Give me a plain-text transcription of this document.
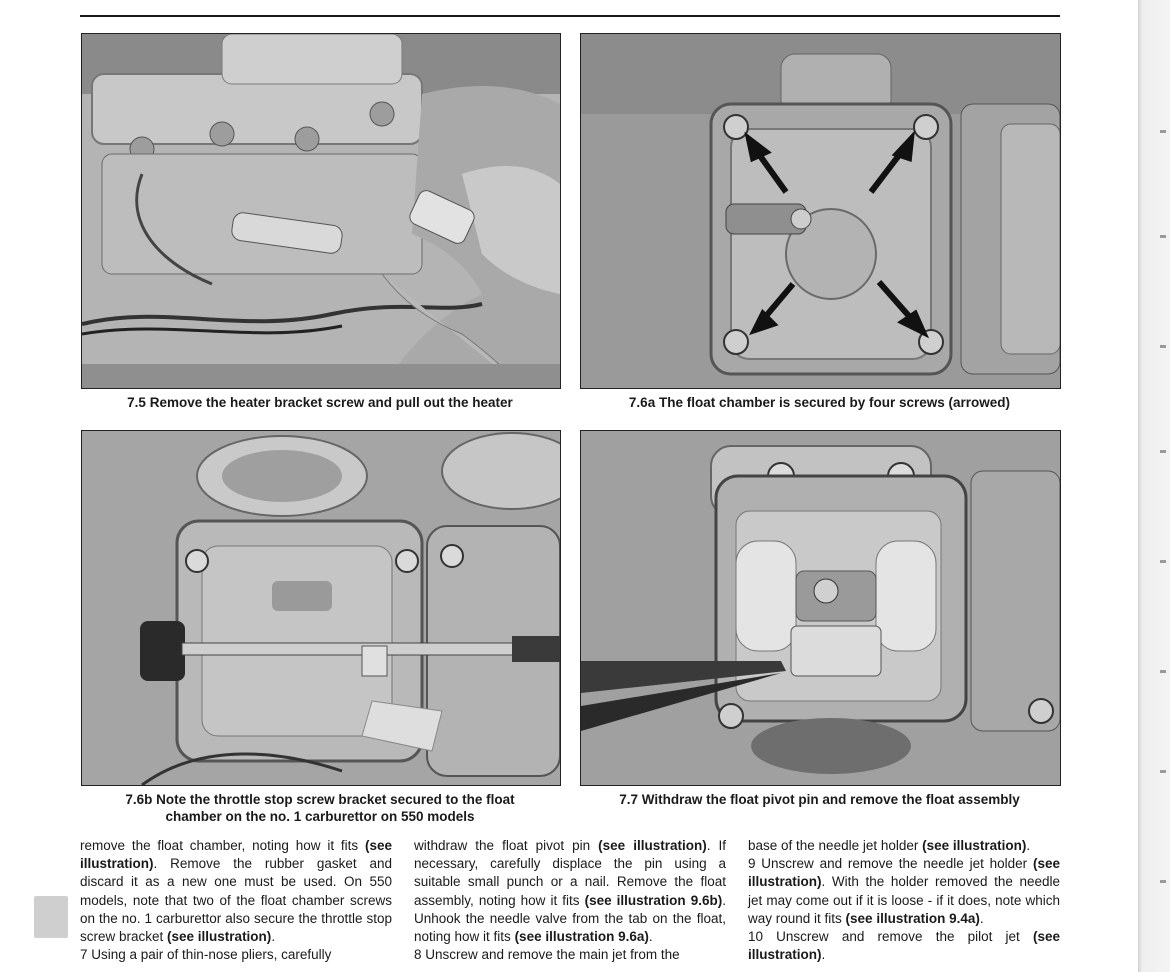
7.5 Remove the heater bracket screw and pull out the heater	7.6a The float chamber is secured by four screws (arrowed)
7.6b Note the throttle stop screw bracket secured to the float
chamber on the no. 1 carburettor on 550 models
7.7 Withdraw the float pivot pin and remove the float assembly

remove the float chamber, noting how it fits (see illustration). Remove the rubber gasket and discard it as a new one must be used. On 550 models, note that two of the float chamber screws on the no. 1 carburettor also secure the throttle stop screw bracket (see illustration).
7 Using a pair of thin-nose pliers, carefully

withdraw the float pivot pin (see illustration). If necessary, carefully displace the pin using a suitable small punch or a nail. Remove the float assembly, noting how it fits (see illustration 9.6b). Unhook the needle valve from the tab on the float, noting how it fits (see illustration 9.6a).
8 Unscrew and remove the main jet from the

base of the needle jet holder (see illustration).
9 Unscrew and remove the needle jet holder (see illustration). With the holder removed the needle jet may come out if it is loose - if it does, note which way round it fits (see illustration 9.4a).
10 Unscrew and remove the pilot jet (see illustration).
